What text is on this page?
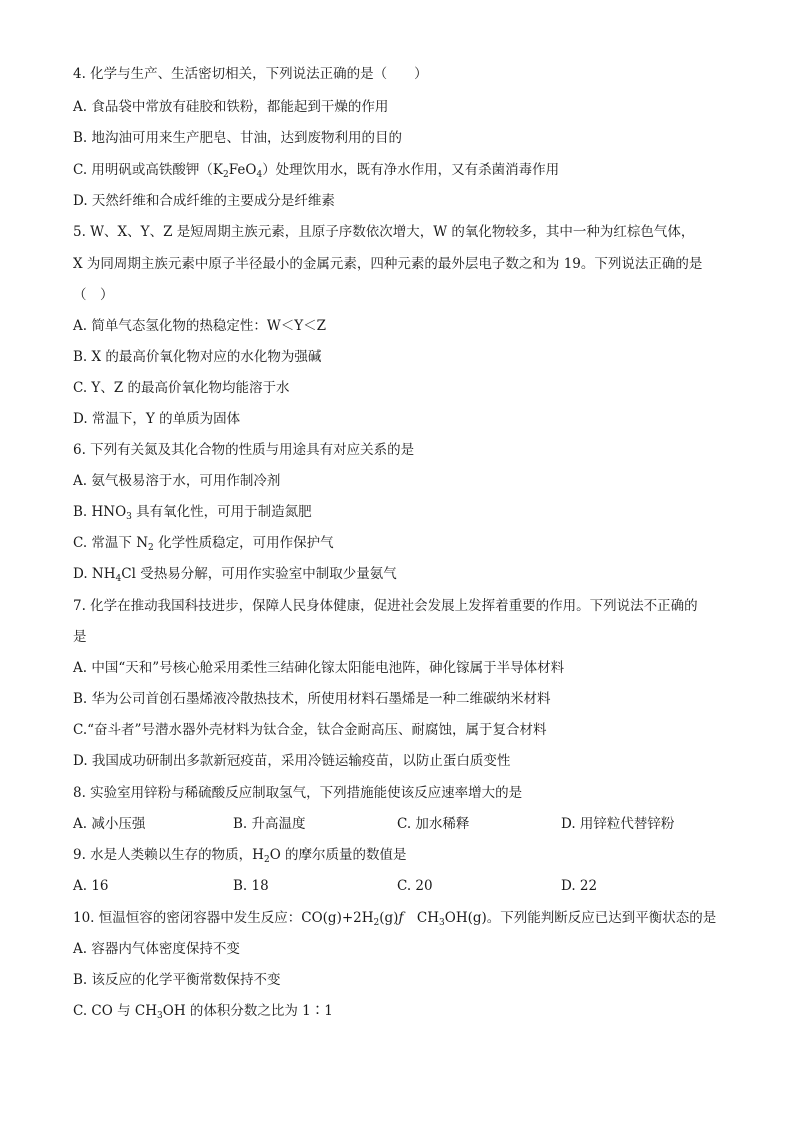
4. 化学与生产、生活密切相关，下列说法正确的是（　　）
A. 食品袋中常放有硅胶和铁粉，都能起到干燥的作用
B. 地沟油可用来生产肥皂、甘油，达到废物利用的目的
C. 用明矾或高铁酸钾$(K_2FeO_4)$处理饮用水，既有净水作用，又有杀菌消毒作用
D. 天然纤维和合成纤维的主要成分是纤维素
5. W、X、Y、Z 是短周期主族元素，且原子序数依次增大，W 的氧化物较多，其中一种为红棕色气体，
X 为同周期主族元素中原子半径最小的金属元素，四种元素的最外层电子数之和为 19。下列说法正确的是
（　）
A. 简单气态氢化物的热稳定性：W＜Y＜Z
B. X 的最高价氧化物对应的水化物为强碱
C. Y、Z 的最高价氧化物均能溶于水
D. 常温下，Y 的单质为固体
6. 下列有关氮及其化合物的性质与用途具有对应关系的是
A. 氨气极易溶于水，可用作制冷剂
B. $HNO_3$ 具有氧化性，可用于制造氮肥
C. 常温下 $N_2$ 化学性质稳定，可用作保护气
D. $NH_4Cl$ 受热易分解，可用作实验室中制取少量氨气
7. 化学在推动我国科技进步，保障人民身体健康，促进社会发展上发挥着重要的作用。下列说法不正确的
是
A. 中国“天和”号核心舱采用柔性三结砷化镓太阳能电池阵，砷化镓属于半导体材料
B. 华为公司首创石墨烯液冷散热技术，所使用材料石墨烯是一种二维碳纳米材料
C.“奋斗者”号潜水器外壳材料为钛合金，钛合金耐高压、耐腐蚀，属于复合材料
D. 我国成功研制出多款新冠疫苗，采用冷链运输疫苗，以防止蛋白质变性
8. 实验室用锌粉与稀硫酸反应制取氢气，下列措施能使该反应速率增大的是
A. 减小压强	B. 升高温度	C. 加水稀释	D. 用锌粒代替锌粉
9. 水是人类赖以生存的物质，$H_2O$ 的摩尔质量的数值是
A. 16	B. 18	C. 20	D. 22
10. 恒温恒容的密闭容器中发生反应：$CO(g)+2H_2(g)ƒ$　$CH_3OH(g)$。下列能判断反应已达到平衡状态的是
A. 容器内气体密度保持不变
B. 该反应的化学平衡常数保持不变
C. CO 与 $CH_3OH$ 的体积分数之比为 1∶1
